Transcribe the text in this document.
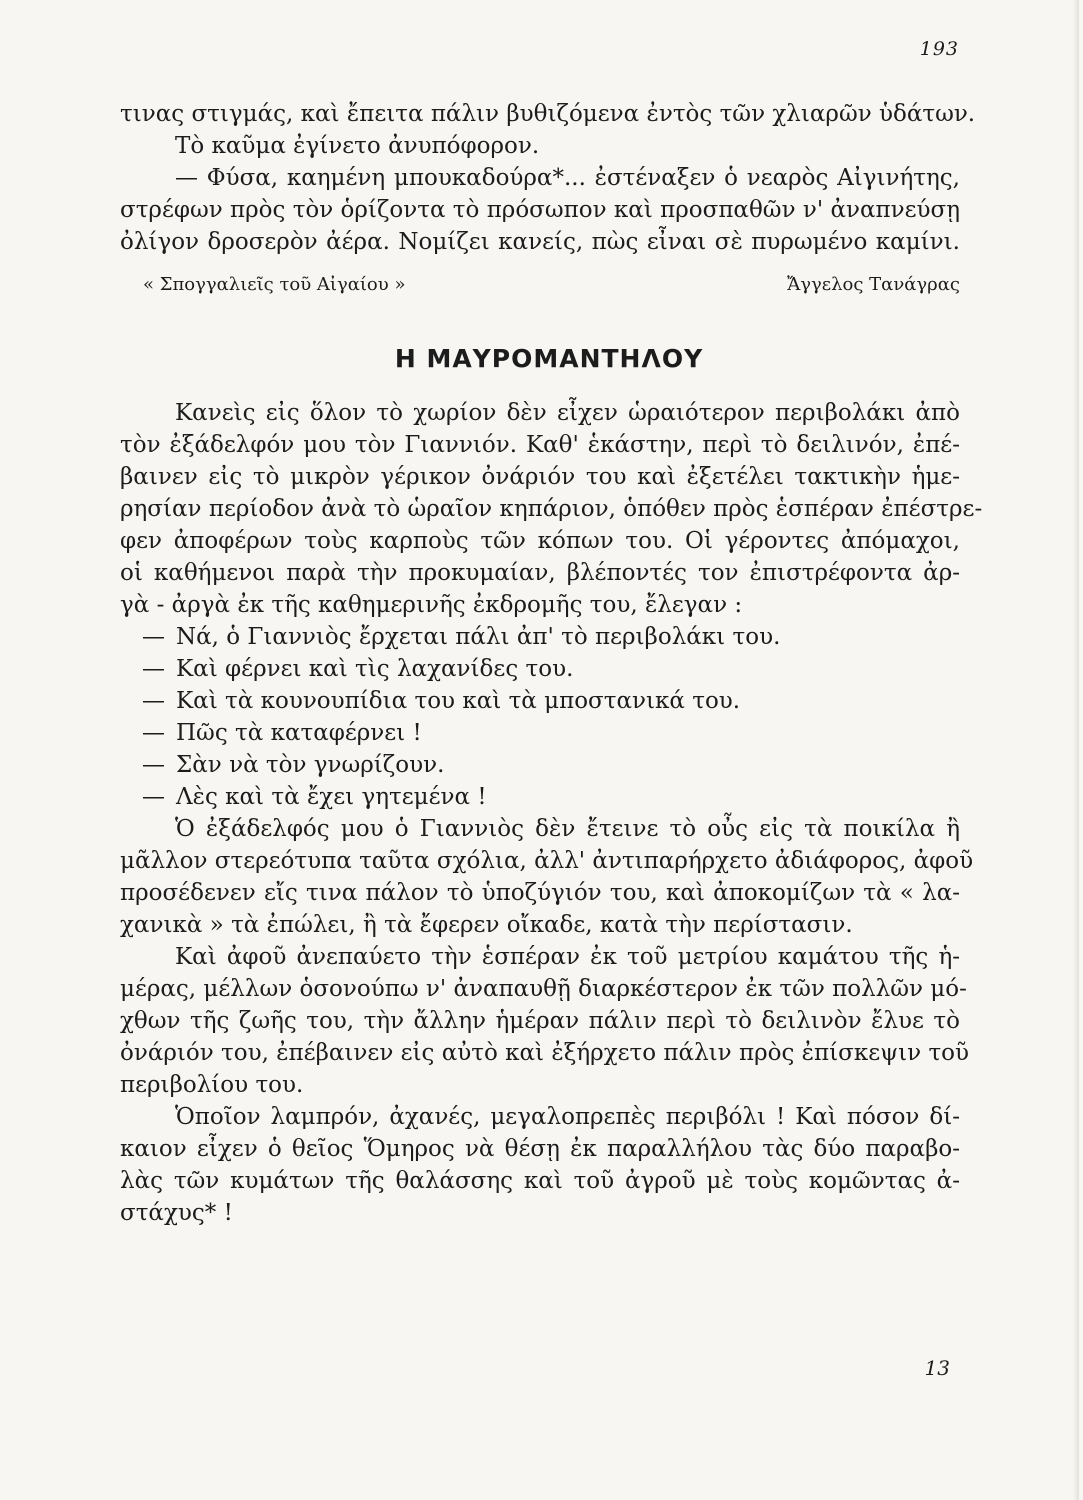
193
τινας στιγμάς, καὶ ἔπειτα πάλιν βυθιζόμενα ἐντὸς τῶν χλιαρῶν ὑδάτων.
Τὸ καῦμα ἐγίνετο ἀνυπόφορον.
— Φύσα, καημένη μπουκαδούρα*... ἐστέναξεν ὁ νεαρὸς Αἰγινήτης,
στρέφων πρὸς τὸν ὁρίζοντα τὸ πρόσωπον καὶ προσπαθῶν ν' ἀναπνεύσῃ
ὀλίγον δροσερὸν ἀέρα. Νομίζει κανείς, πὼς εἶναι σὲ πυρωμένο καμίνι.
« Σπογγαλιεῖς τοῦ Αἰγαίου »	Ἄγγελος Τανάγρας
Η ΜΑΥΡΟΜΑΝΤΗΛΟΥ
Κανεὶς εἰς ὅλον τὸ χωρίον δὲν εἶχεν ὡραιότερον περιβολάκι ἀπὸ
τὸν ἐξάδελφόν μου τὸν Γιαννιόν. Καθ' ἑκάστην, περὶ τὸ δειλινόν, ἐπέ-
βαινεν εἰς τὸ μικρὸν γέρικον ὀνάριόν του καὶ ἐξετέλει τακτικὴν ἡμε-
ρησίαν περίοδον ἀνὰ τὸ ὡραῖον κηπάριον, ὁπόθεν πρὸς ἑσπέραν ἐπέστρε-
φεν ἀποφέρων τοὺς καρποὺς τῶν κόπων του. Οἱ γέροντες ἀπόμαχοι,
οἱ καθήμενοι παρὰ τὴν προκυμαίαν, βλέποντές τον ἐπιστρέφοντα ἀρ-
γὰ - ἀργὰ ἐκ τῆς καθημερινῆς ἐκδρομῆς του, ἔλεγαν :
— Νά, ὁ Γιαννιὸς ἔρχεται πάλι ἀπ' τὸ περιβολάκι του.
— Καὶ φέρνει καὶ τὶς λαχανίδες του.
— Καὶ τὰ κουνουπίδια του καὶ τὰ μποστανικά του.
— Πῶς τὰ καταφέρνει !
— Σὰν νὰ τὸν γνωρίζουν.
— Λὲς καὶ τὰ ἔχει γητεμένα !
Ὁ ἐξάδελφός μου ὁ Γιαννιὸς δὲν ἔτεινε τὸ οὖς εἰς τὰ ποικίλα ἢ
μᾶλλον στερεότυπα ταῦτα σχόλια, ἀλλ' ἀντιπαρήρχετο ἀδιάφορος, ἀφοῦ
προσέδενεν εἴς τινα πάλον τὸ ὑποζύγιόν του, καὶ ἀποκομίζων τὰ « λα-
χανικὰ » τὰ ἐπώλει, ἢ τὰ ἔφερεν οἴκαδε, κατὰ τὴν περίστασιν.
Καὶ ἀφοῦ ἀνεπαύετο τὴν ἑσπέραν ἐκ τοῦ μετρίου καμάτου τῆς ἡ-
μέρας, μέλλων ὁσονούπω ν' ἀναπαυθῇ διαρκέστερον ἐκ τῶν πολλῶν μό-
χθων τῆς ζωῆς του, τὴν ἄλλην ἡμέραν πάλιν περὶ τὸ δειλινὸν ἔλυε τὸ
ὀνάριόν του, ἐπέβαινεν εἰς αὐτὸ καὶ ἐξήρχετο πάλιν πρὸς ἐπίσκεψιν τοῦ
περιβολίου του.
Ὁποῖον λαμπρόν, ἀχανές, μεγαλοπρεπὲς περιβόλι ! Καὶ πόσον δί-
καιον εἶχεν ὁ θεῖος Ὅμηρος νὰ θέσῃ ἐκ παραλλήλου τὰς δύο παραβο-
λὰς τῶν κυμάτων τῆς θαλάσσης καὶ τοῦ ἀγροῦ μὲ τοὺς κομῶντας ἀ-
στάχυς* !
13
